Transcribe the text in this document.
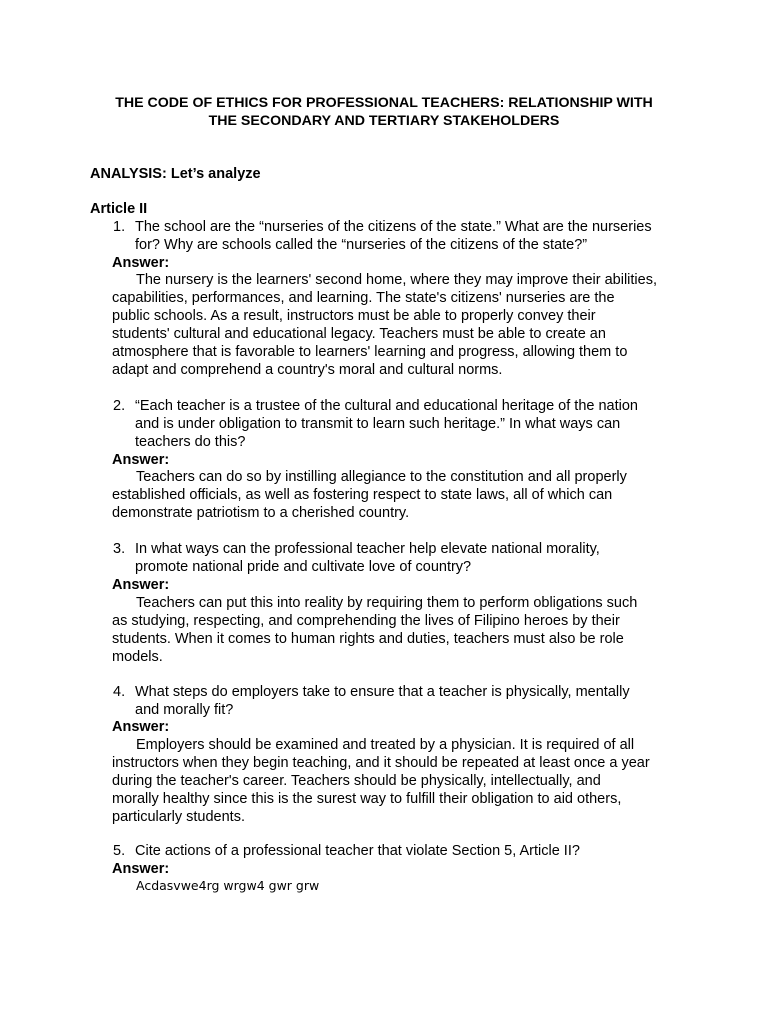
THE CODE OF ETHICS FOR PROFESSIONAL TEACHERS: RELATIONSHIP WITH
THE SECONDARY AND TERTIARY STAKEHOLDERS
ANALYSIS: Let’s analyze
Article II
1. The school are the “nurseries of the citizens of the state.” What are the nurseries
for? Why are schools called the “nurseries of the citizens of the state?”
Answer:
The nursery is the learners' second home, where they may improve their abilities,
capabilities, performances, and learning. The state's citizens' nurseries are the
public schools. As a result, instructors must be able to properly convey their
students' cultural and educational legacy. Teachers must be able to create an
atmosphere that is favorable to learners' learning and progress, allowing them to
adapt and comprehend a country's moral and cultural norms.
2. “Each teacher is a trustee of the cultural and educational heritage of the nation
and is under obligation to transmit to learn such heritage.” In what ways can
teachers do this?
Answer:
Teachers can do so by instilling allegiance to the constitution and all properly
established officials, as well as fostering respect to state laws, all of which can
demonstrate patriotism to a cherished country.
3. In what ways can the professional teacher help elevate national morality,
promote national pride and cultivate love of country?
Answer:
Teachers can put this into reality by requiring them to perform obligations such
as studying, respecting, and comprehending the lives of Filipino heroes by their
students. When it comes to human rights and duties, teachers must also be role
models.
4. What steps do employers take to ensure that a teacher is physically, mentally
and morally fit?
Answer:
Employers should be examined and treated by a physician. It is required of all
instructors when they begin teaching, and it should be repeated at least once a year
during the teacher's career. Teachers should be physically, intellectually, and
morally healthy since this is the surest way to fulfill their obligation to aid others,
particularly students.
5. Cite actions of a professional teacher that violate Section 5, Article II?
Answer:
Acdasvwe4rg wrgw4 gwr grw
